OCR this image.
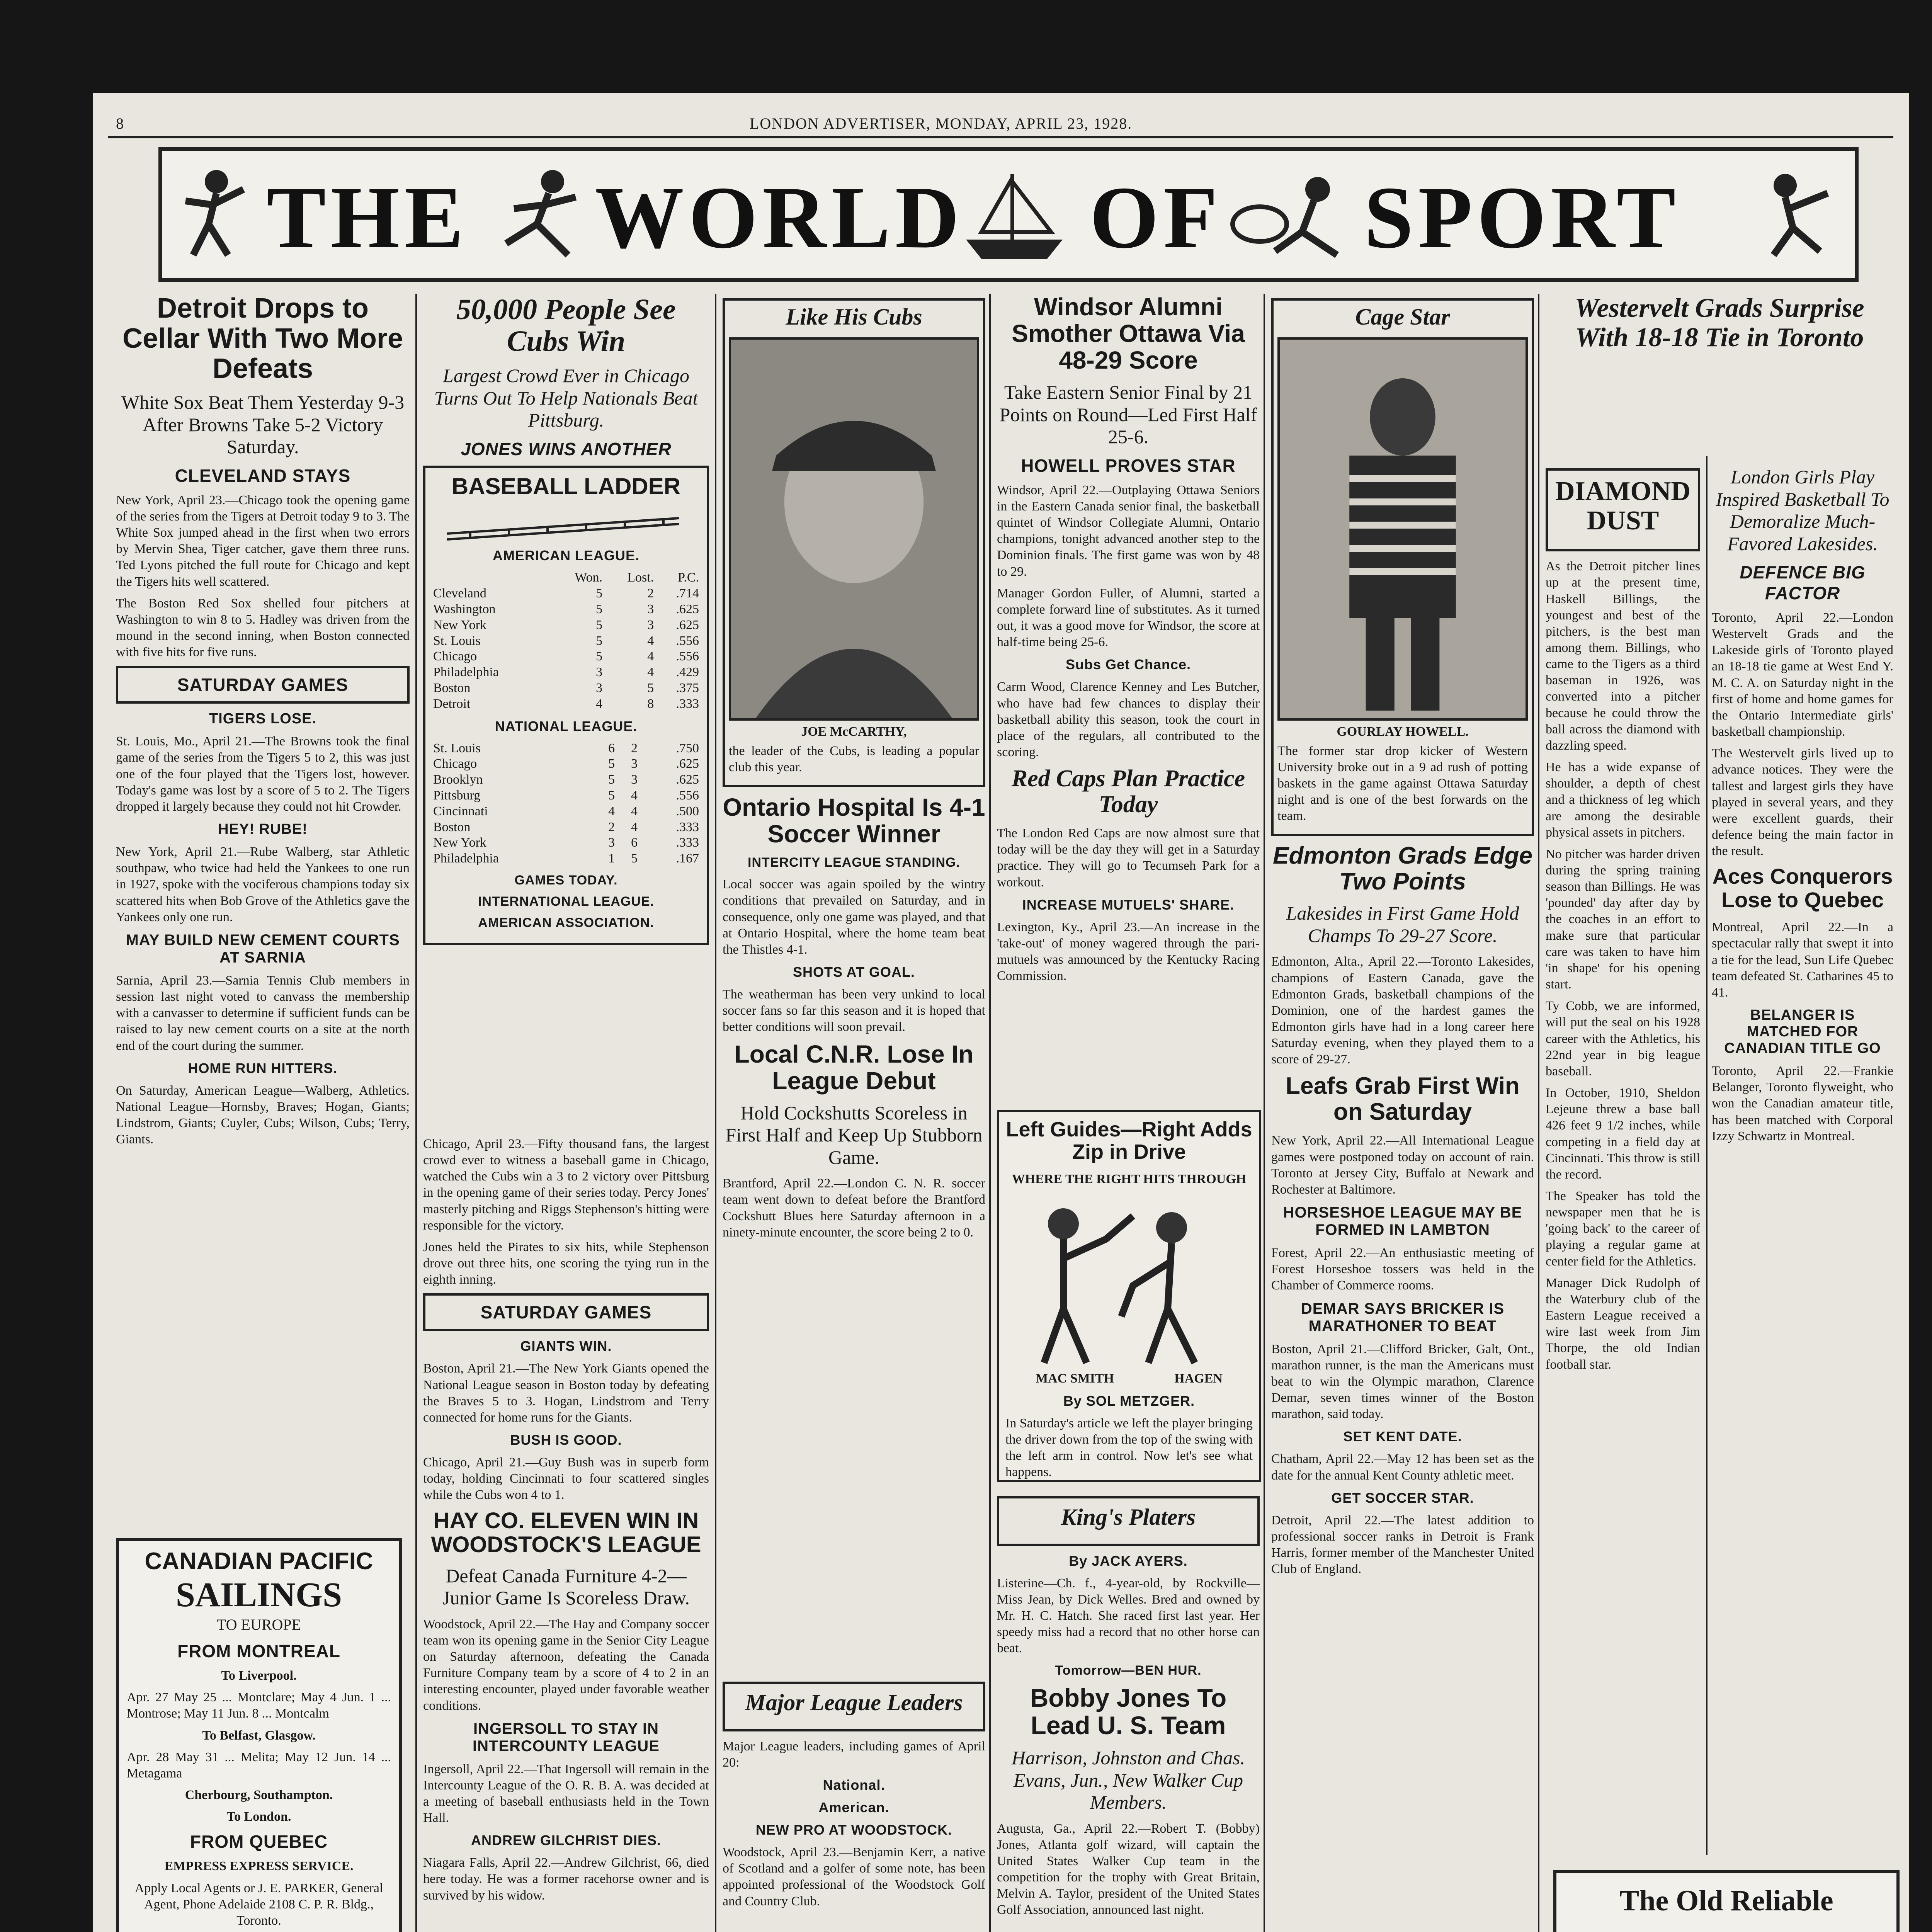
8	LONDON ADVERTISER, MONDAY, APRIL 23, 1928.
THE WORLD OF SPORT
Detroit Drops to Cellar With Two More Defeats
White Sox Beat Them Yesterday 9-3 After Browns Take 5-2 Victory Saturday.
CLEVELAND STAYS

New York, April 23.—Chicago took the opening game of the series from the Tigers at Detroit today 9 to 3. The White Sox jumped ahead in the first when two errors by Mervin Shea, Tiger catcher, gave them three runs. Ted Lyons pitched the full route for Chicago and kept the Tigers hits well scattered.

The Boston Red Sox shelled four pitchers at Washington to win 8 to 5. Hadley was driven from the mound in the second inning, when Boston connected with five hits for five runs.

SATURDAY GAMES
TIGERS LOSE.

St. Louis, Mo., April 21.—The Browns took the final game of the series from the Tigers 5 to 2, this was just one of the four played that the Tigers lost, however. Today's game was lost by a score of 5 to 2. The Tigers dropped it largely because they could not hit Crowder.

HEY! RUBE!

New York, April 21.—Rube Walberg, star Athletic southpaw, who twice had held the Yankees to one run in 1927, spoke with the vociferous champions today six scattered hits when Bob Grove of the Athletics gave the Yankees only one run.

MAY BUILD NEW CEMENT COURTS AT SARNIA

Sarnia, April 23.—Sarnia Tennis Club members in session last night voted to canvass the membership with a canvasser to determine if sufficient funds can be raised to lay new cement courts on a site at the north end of the court during the summer.

HOME RUN HITTERS.

On Saturday, American League—Walberg, Athletics. National League—Hornsby, Braves; Hogan, Giants; Lindstrom, Giants; Cuyler, Cubs; Wilson, Cubs; Terry, Giants.

CANADIAN PACIFIC
SAILINGS
TO EUROPE
FROM MONTREAL
To Liverpool.
Apr. 27 May 25 ... Montclare; May 4 Jun. 1 ... Montrose; May 11 Jun. 8 ... Montcalm
To Belfast, Glasgow.
Apr. 28 May 31 ... Melita; May 12 Jun. 14 ... Metagama
Cherbourg, Southampton.
To London.
FROM QUEBEC
EMPRESS EXPRESS SERVICE.
Apply Local Agents or J. E. PARKER, General Agent, Phone Adelaide 2108 C. P. R. Bldg., Toronto.
50,000 People See Cubs Win
Largest Crowd Ever in Chicago Turns Out To Help Nationals Beat Pittsburg.
JONES WINS ANOTHER
BASEBALL LADDER
AMERICAN LEAGUE.
	Won.	Lost.	P.C.
Cleveland	5	2	.714
Washington	5	3	.625
New York	5	3	.625
St. Louis	5	4	.556
Chicago	5	4	.556
Philadelphia	3	4	.429
Boston	3	5	.375
Detroit	4	8	.333
NATIONAL LEAGUE.
St. Louis	6	2	.750
Chicago	5	3	.625
Brooklyn	5	3	.625
Pittsburg	5	4	.556
Cincinnati	4	4	.500
Boston	2	4	.333
New York	3	6	.333
Philadelphia	1	5	.167
GAMES TODAY.
INTERNATIONAL LEAGUE.
AMERICAN ASSOCIATION.

Chicago, April 23.—Fifty thousand fans, the largest crowd ever to witness a baseball game in Chicago, watched the Cubs win a 3 to 2 victory over Pittsburg in the opening game of their series today. Percy Jones' masterly pitching and Riggs Stephenson's hitting were responsible for the victory.

Jones held the Pirates to six hits, while Stephenson drove out three hits, one scoring the tying run in the eighth inning.

SATURDAY GAMES
GIANTS WIN.

Boston, April 21.—The New York Giants opened the National League season in Boston today by defeating the Braves 5 to 3. Hogan, Lindstrom and Terry connected for home runs for the Giants.

BUSH IS GOOD.

Chicago, April 21.—Guy Bush was in superb form today, holding Cincinnati to four scattered singles while the Cubs won 4 to 1.

HAY CO. ELEVEN WIN IN WOODSTOCK'S LEAGUE
Defeat Canada Furniture 4-2—Junior Game Is Scoreless Draw.

Woodstock, April 22.—The Hay and Company soccer team won its opening game in the Senior City League on Saturday afternoon, defeating the Canada Furniture Company team by a score of 4 to 2 in an interesting encounter, played under favorable weather conditions.

INGERSOLL TO STAY IN INTERCOUNTY LEAGUE

Ingersoll, April 22.—That Ingersoll will remain in the Intercounty League of the O. R. B. A. was decided at a meeting of baseball enthusiasts held in the Town Hall.

ANDREW GILCHRIST DIES.

Niagara Falls, April 22.—Andrew Gilchrist, 66, died here today. He was a former racehorse owner and is survived by his widow.

Like His Cubs
JOE McCARTHY,
the leader of the Cubs, is leading a popular club this year.
Ontario Hospital Is 4-1 Soccer Winner
INTERCITY LEAGUE STANDING.

Local soccer was again spoiled by the wintry conditions that prevailed on Saturday, and in consequence, only one game was played, and that at Ontario Hospital, where the home team beat the Thistles 4-1.

SHOTS AT GOAL.

The weatherman has been very unkind to local soccer fans so far this season and it is hoped that better conditions will soon prevail.

Local C.N.R. Lose In League Debut
Hold Cockshutts Scoreless in First Half and Keep Up Stubborn Game.

Brantford, April 22.—London C. N. R. soccer team went down to defeat before the Brantford Cockshutt Blues here Saturday afternoon in a ninety-minute encounter, the score being 2 to 0.

Major League Leaders

Major League leaders, including games of April 20:

National.
American.
NEW PRO AT WOODSTOCK.

Woodstock, April 23.—Benjamin Kerr, a native of Scotland and a golfer of some note, has been appointed professional of the Woodstock Golf and Country Club.

King's Platers
By JACK AYERS.

Listerine—Ch. f., 4-year-old, by Rockville—Miss Jean, by Dick Welles. Bred and owned by Mr. H. C. Hatch. She raced first last year. Her speedy miss had a record that no other horse can beat.

Tomorrow—BEN HUR.
Bobby Jones To Lead U. S. Team
Harrison, Johnston and Chas. Evans, Jun., New Walker Cup Members.

Augusta, Ga., April 22.—Robert T. (Bobby) Jones, Atlanta golf wizard, will captain the United States Walker Cup team in the competition for the trophy with Great Britain, Melvin A. Taylor, president of the United States Golf Association, announced last night.

Windsor Alumni Smother Ottawa Via 48-29 Score
Take Eastern Senior Final by 21 Points on Round—Led First Half 25-6.
HOWELL PROVES STAR

Windsor, April 22.—Outplaying Ottawa Seniors in the Eastern Canada senior final, the basketball quintet of Windsor Collegiate Alumni, Ontario champions, tonight advanced another step to the Dominion finals. The first game was won by 48 to 29.

Manager Gordon Fuller, of Alumni, started a complete forward line of substitutes. As it turned out, it was a good move for Windsor, the score at half-time being 25-6.

Subs Get Chance.

Carm Wood, Clarence Kenney and Les Butcher, who have had few chances to display their basketball ability this season, took the court in place of the regulars, all contributed to the scoring.

Red Caps Plan Practice Today

The London Red Caps are now almost sure that today will be the day they will get in a Saturday practice. They will go to Tecumseh Park for a workout.

INCREASE MUTUELS' SHARE.

Lexington, Ky., April 23.—An increase in the 'take-out' of money wagered through the pari-mutuels was announced by the Kentucky Racing Commission.

Left Guides—Right Adds Zip in Drive
WHERE THE RIGHT HITS THROUGH
MAC SMITH	HAGEN
By SOL METZGER.

In Saturday's article we left the player bringing the driver down from the top of the swing with the left arm in control. Now let's see what happens.

Cage Star
GOURLAY HOWELL.
The former star drop kicker of Western University broke out in a 9 ad rush of potting baskets in the game against Ottawa Saturday night and is one of the best forwards on the team.
Edmonton Grads Edge Two Points
Lakesides in First Game Hold Champs To 29-27 Score.

Edmonton, Alta., April 22.—Toronto Lakesides, champions of Eastern Canada, gave the Edmonton Grads, basketball champions of the Dominion, one of the hardest games the Edmonton girls have had in a long career here Saturday evening, when they played them to a score of 29-27.

Leafs Grab First Win on Saturday

New York, April 22.—All International League games were postponed today on account of rain. Toronto at Jersey City, Buffalo at Newark and Rochester at Baltimore.

HORSESHOE LEAGUE MAY BE FORMED IN LAMBTON

Forest, April 22.—An enthusiastic meeting of Forest Horseshoe tossers was held in the Chamber of Commerce rooms.

DEMAR SAYS BRICKER IS MARATHONER TO BEAT

Boston, April 21.—Clifford Bricker, Galt, Ont., marathon runner, is the man the Americans must beat to win the Olympic marathon, Clarence Demar, seven times winner of the Boston marathon, said today.

SET KENT DATE.

Chatham, April 22.—May 12 has been set as the date for the annual Kent County athletic meet.

GET SOCCER STAR.

Detroit, April 22.—The latest addition to professional soccer ranks in Detroit is Frank Harris, former member of the Manchester United Club of England.

Westervelt Grads Surprise With 18-18 Tie in Toronto
DIAMOND DUST

As the Detroit pitcher lines up at the present time, Haskell Billings, the youngest and best of the pitchers, is the best man among them. Billings, who came to the Tigers as a third baseman in 1926, was converted into a pitcher because he could throw the ball across the diamond with dazzling speed.

He has a wide expanse of shoulder, a depth of chest and a thickness of leg which are among the desirable physical assets in pitchers.

No pitcher was harder driven during the spring training season than Billings. He was 'pounded' day after day by the coaches in an effort to make sure that particular care was taken to have him 'in shape' for his opening start.

Ty Cobb, we are informed, will put the seal on his 1928 career with the Athletics, his 22nd year in big league baseball.

In October, 1910, Sheldon Lejeune threw a base ball 426 feet 9 1/2 inches, while competing in a field day at Cincinnati. This throw is still the record.

The Speaker has told the newspaper men that he is 'going back' to the career of playing a regular game at center field for the Athletics.

Manager Dick Rudolph of the Waterbury club of the Eastern League received a wire last week from Jim Thorpe, the old Indian football star.

London Girls Play Inspired Basketball To Demoralize Much-Favored Lakesides.
DEFENCE BIG FACTOR

Toronto, April 22.—London Westervelt Grads and the Lakeside girls of Toronto played an 18-18 tie game at West End Y. M. C. A. on Saturday night in the first of home and home games for the Ontario Intermediate girls' basketball championship.

The Westervelt girls lived up to advance notices. They were the tallest and largest girls they have played in several years, and they were excellent guards, their defence being the main factor in the result.

Aces Conquerors Lose to Quebec

Montreal, April 22.—In a spectacular rally that swept it into a tie for the lead, Sun Life Quebec team defeated St. Catharines 45 to 41.

BELANGER IS MATCHED FOR CANADIAN TITLE GO

Toronto, April 22.—Frankie Belanger, Toronto flyweight, who won the Canadian amateur title, has been matched with Corporal Izzy Schwartz in Montreal.

The Old Reliable
